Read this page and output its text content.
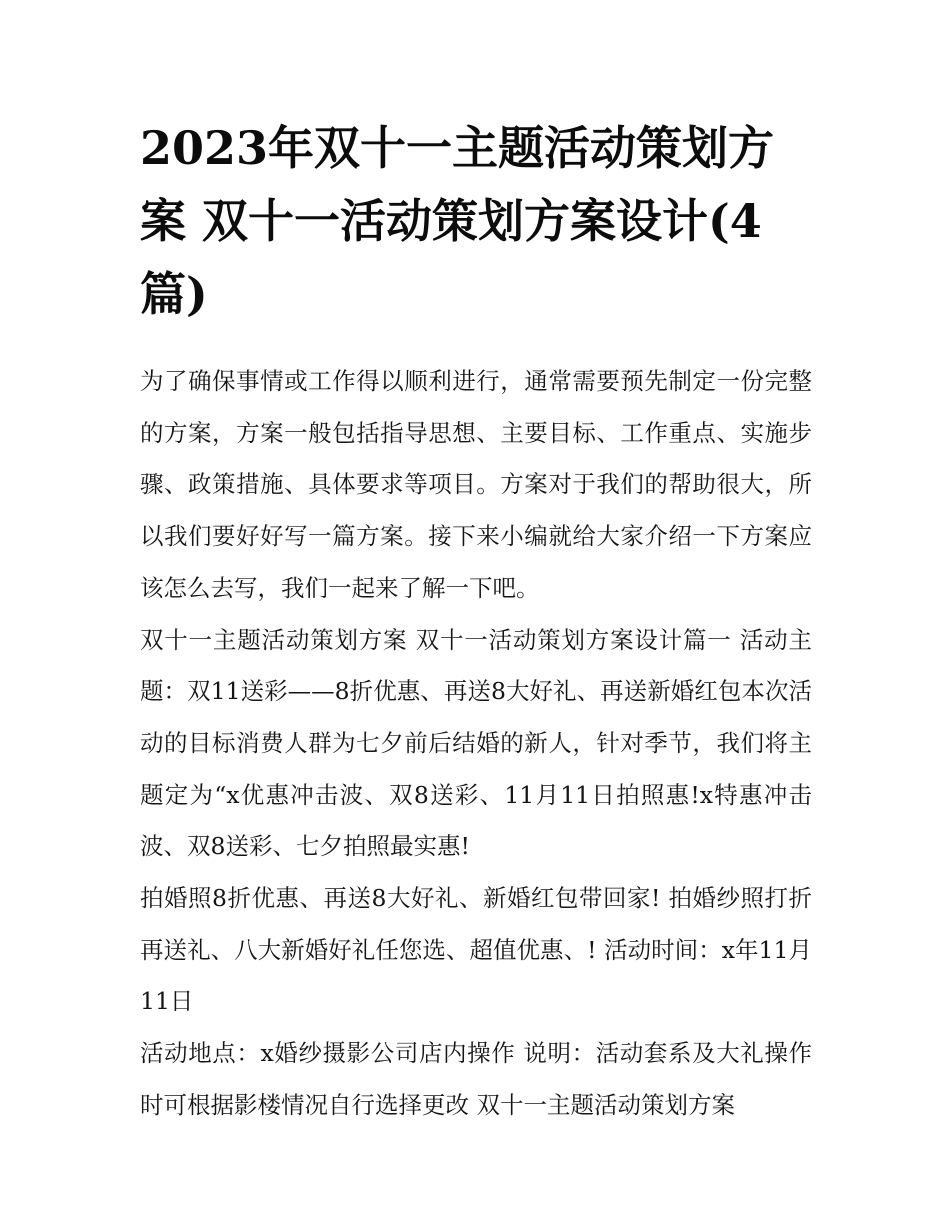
2023年双十一主题活动策划方案 双十一活动策划方案设计(4篇)

为了确保事情或工作得以顺利进行，通常需要预先制定一份完整的方案，方案一般包括指导思想、主要目标、工作重点、实施步骤、政策措施、具体要求等项目。方案对于我们的帮助很大，所以我们要好好写一篇方案。接下来小编就给大家介绍一下方案应该怎么去写，我们一起来了解一下吧。

双十一主题活动策划方案 双十一活动策划方案设计篇一 活动主题：双11送彩——8折优惠、再送8大好礼、再送新婚红包本次活动的目标消费人群为七夕前后结婚的新人，针对季节，我们将主题定为“x优惠冲击波、双8送彩、11月11日拍照惠!x特惠冲击波、双8送彩、七夕拍照最实惠!

拍婚照8折优惠、再送8大好礼、新婚红包带回家! 拍婚纱照打折再送礼、八大新婚好礼任您选、超值优惠、! 活动时间：x年11月11日

活动地点：x婚纱摄影公司店内操作 说明：活动套系及大礼操作时可根据影楼情况自行选择更改 双十一主题活动策划方案
